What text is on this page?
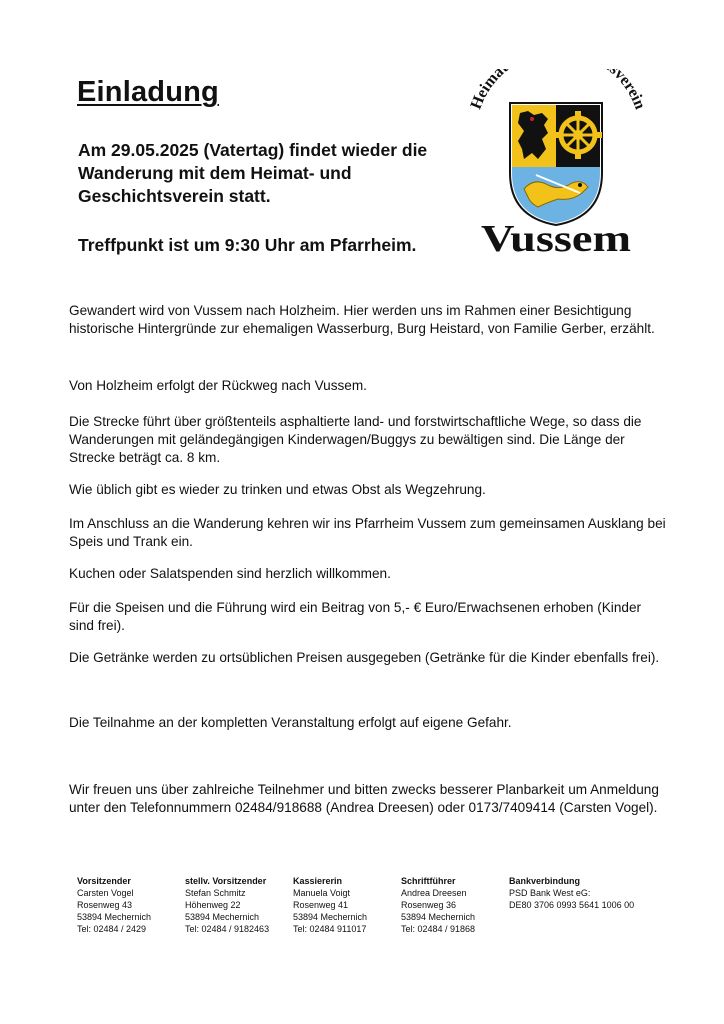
Einladung

Am 29.05.2025 (Vatertag) findet wieder die Wanderung mit dem Heimat- und Geschichtsverein statt.

Treffpunkt ist um 9:30 Uhr am Pfarrheim.

Heima sverein
Vussem

Gewandert wird von Vussem nach Holzheim. Hier werden uns im Rahmen einer Besichtigung historische Hintergründe zur ehemaligen Wasserburg, Burg Heistard, von Familie Gerber, erzählt.

Von Holzheim erfolgt der Rückweg nach Vussem.

Die Strecke führt über größtenteils asphaltierte land- und forstwirtschaftliche Wege, so dass die Wanderungen mit geländegängigen Kinderwagen/Buggys zu bewältigen sind. Die Länge der Strecke beträgt ca. 8 km.

Wie üblich gibt es wieder zu trinken und etwas Obst als Wegzehrung.

Im Anschluss an die Wanderung kehren wir ins Pfarrheim Vussem zum gemeinsamen Ausklang bei Speis und Trank ein.

Kuchen oder Salatspenden sind herzlich willkommen.

Für die Speisen und die Führung wird ein Beitrag von 5,- € Euro/Erwachsenen erhoben (Kinder sind frei).

Die Getränke werden zu ortsüblichen Preisen ausgegeben (Getränke für die Kinder ebenfalls frei).

Die Teilnahme an der kompletten Veranstaltung erfolgt auf eigene Gefahr.

Wir freuen uns über zahlreiche Teilnehmer und bitten zwecks besserer Planbarkeit um Anmeldung unter den Telefonnummern 02484/918688 (Andrea Dreesen) oder 0173/7409414 (Carsten Vogel).

Vorsitzender
Carsten Vogel
Rosenweg 43
53894 Mechernich
Tel: 02484 / 2429
stellv. Vorsitzender
Stefan Schmitz
Höhenweg 22
53894 Mechernich
Tel: 02484 / 9182463
Kassiererin
Manuela Voigt
Rosenweg 41
53894 Mechernich
Tel: 02484 911017
Schriftführer
Andrea Dreesen
Rosenweg 36
53894 Mechernich
Tel: 02484 / 91868
Bankverbindung
PSD Bank West eG:
DE80 3706 0993 5641 1006 00
